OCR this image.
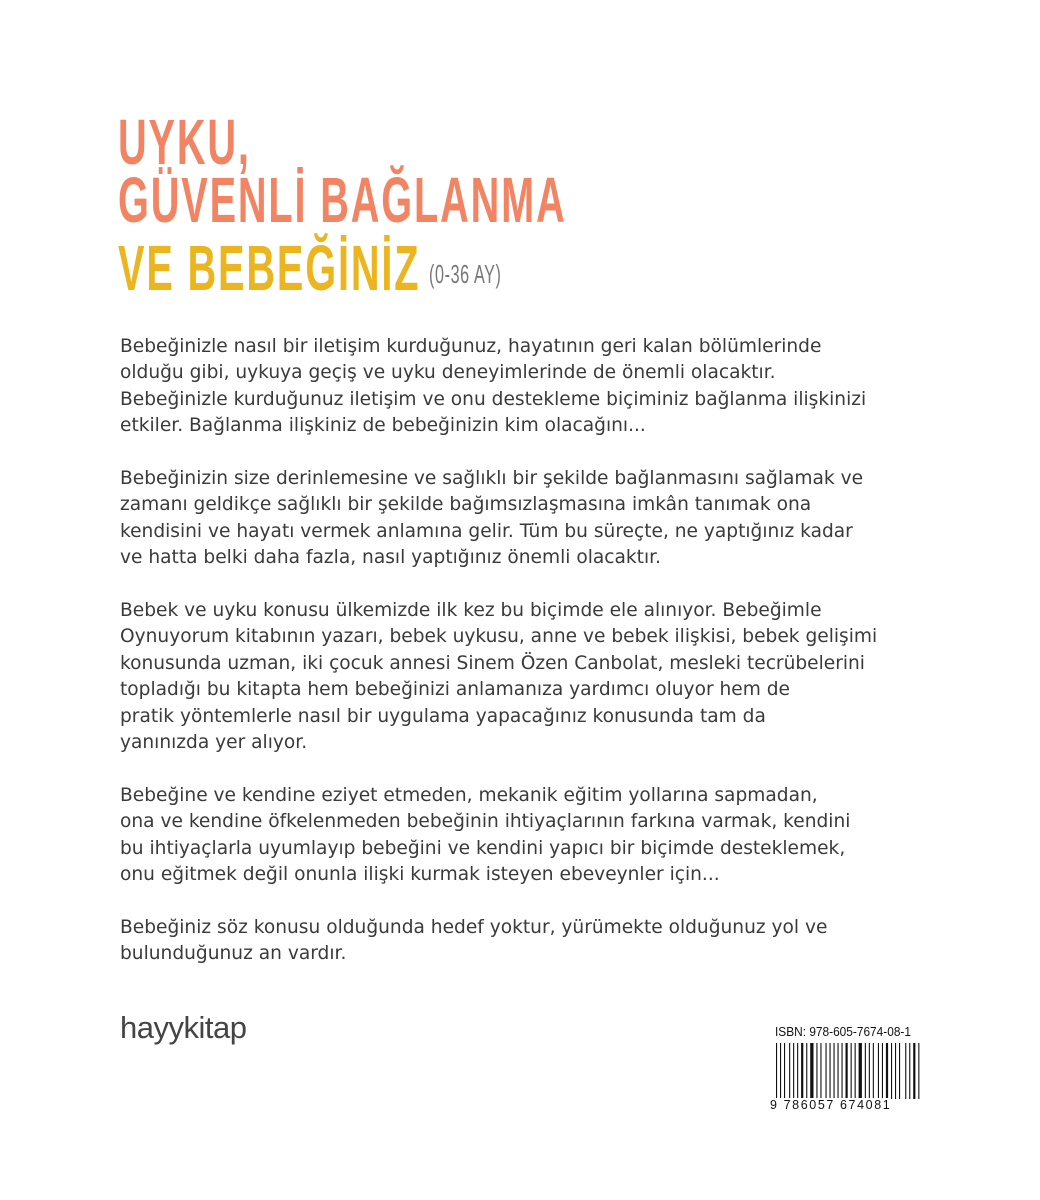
UYKU,
GÜVENLİ BAĞLANMA
VE BEBEĞİNİZ $^{(0-36 AY)}$
Bebeğinizle nasıl bir iletişim kurduğunuz, hayatının geri kalan bölümlerinde
olduğu gibi, uykuya geçiş ve uyku deneyimlerinde de önemli olacaktır.
Bebeğinizle kurduğunuz iletişim ve onu destekleme biçiminiz bağlanma ilişkinizi
etkiler. Bağlanma ilişkiniz de bebeğinizin kim olacağını...
Bebeğinizin size derinlemesine ve sağlıklı bir şekilde bağlanmasını sağlamak ve
zamanı geldikçe sağlıklı bir şekilde bağımsızlaşmasına imkân tanımak ona
kendisini ve hayatı vermek anlamına gelir. Tüm bu süreçte, ne yaptığınız kadar
ve hatta belki daha fazla, nasıl yaptığınız önemli olacaktır.
Bebek ve uyku konusu ülkemizde ilk kez bu biçimde ele alınıyor. Bebeğimle
Oynuyorum kitabının yazarı, bebek uykusu, anne ve bebek ilişkisi, bebek gelişimi
konusunda uzman, iki çocuk annesi Sinem Özen Canbolat, mesleki tecrübelerini
topladığı bu kitapta hem bebeğinizi anlamanıza yardımcı oluyor hem de
pratik yöntemlerle nasıl bir uygulama yapacağınız konusunda tam da
yanınızda yer alıyor.
Bebeğine ve kendine eziyet etmeden, mekanik eğitim yollarına sapmadan,
ona ve kendine öfkelenmeden bebeğinin ihtiyaçlarının farkına varmak, kendini
bu ihtiyaçlarla uyumlayıp bebeğini ve kendini yapıcı bir biçimde desteklemek,
onu eğitmek değil onunla ilişki kurmak isteyen ebeveynler için...
Bebeğiniz söz konusu olduğunda hedef yoktur, yürümekte olduğunuz yol ve
bulunduğunuz an vardır.
hayykitap	ISBN: 978-605-7674-08-1
9 786057 674081
